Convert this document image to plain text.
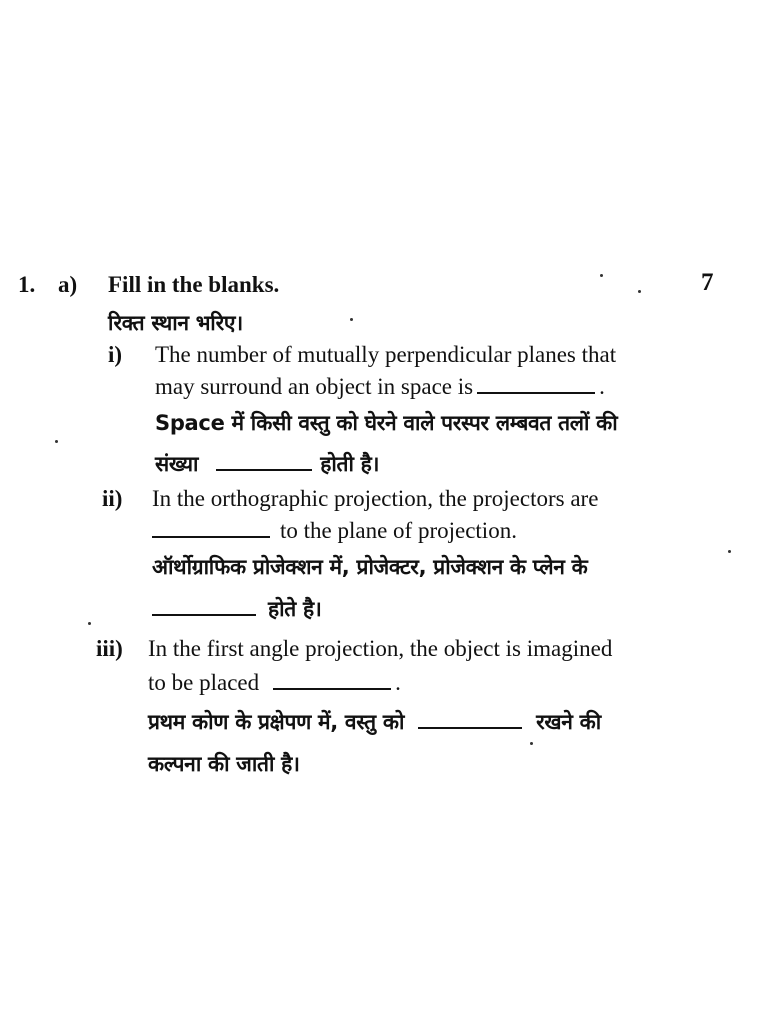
1. a) Fill in the blanks.	7
रिक्त स्थान भरिए।
i) The number of mutually perpendicular planes that
may surround an object in space is	.
Space में किसी वस्तु को घेरने वाले परस्पर लम्बवत तलों की
संख्या	होती है।
ii) In the orthographic projection, the projectors are
to the plane of projection.
ऑर्थोग्राफिक प्रोजेक्शन में, प्रोजेक्टर, प्रोजेक्शन के प्लेन के
होते है।
iii) In the first angle projection, the object is imagined
to be placed	.
प्रथम कोण के प्रक्षेपण में, वस्तु को	रखने की
कल्पना की जाती है।
